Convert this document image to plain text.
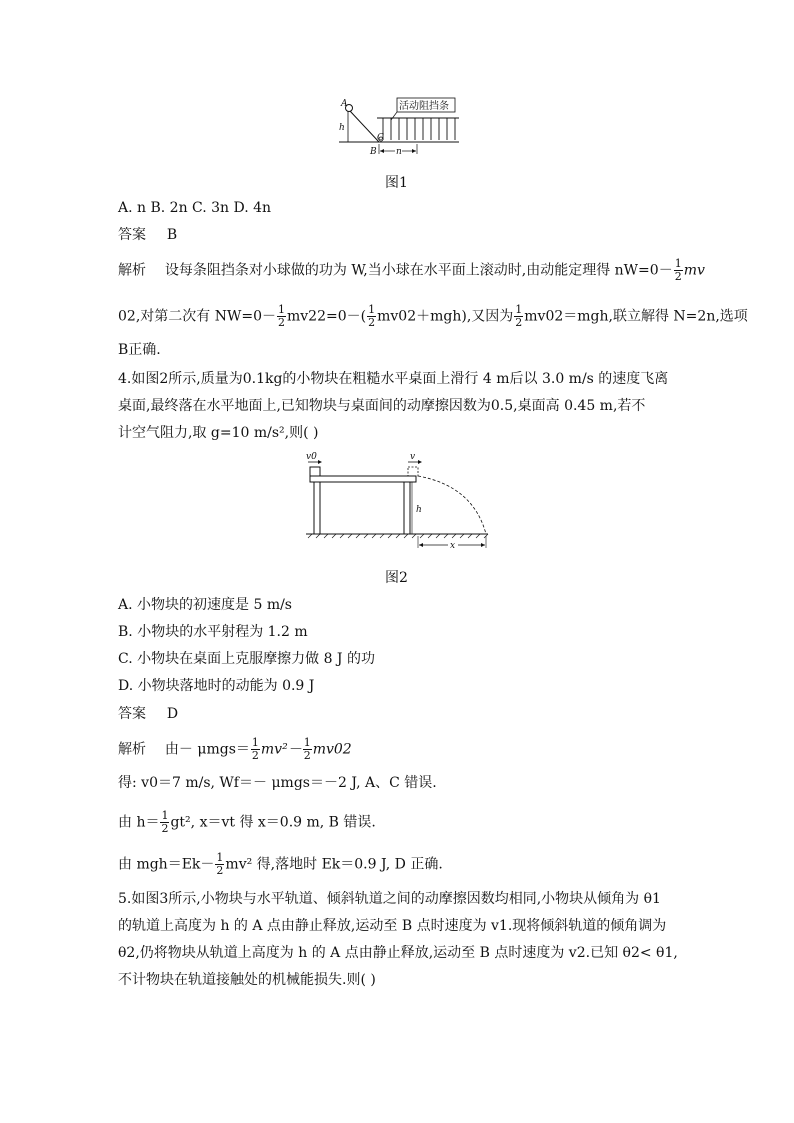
活动阻挡条
n
A
h
C
B
图1
A. n B. 2n C. 3n D. 4n
答案 B
解析 设每条阻挡条对小球做的功为 W,当小球在水平面上滚动时,由动能定理得 $nW=0- \frac{1}{2}$ mv
02,对第二次有 $NW=0- \frac{1}{2} mv22=0-( \frac{1}{2} mv02+mgh)$,又因为 $\frac{1}{2} mv02=mgh$,联立解得 N=2n,选项
B正确.
4.如图2所示,质量为0.1kg的小物块在粗糙水平桌面上滑行 4 m后以 3.0 m/s 的速度飞离
桌面,最终落在水平地面上,已知物块与桌面间的动摩擦因数为0.5,桌面高 0.45 m,若不
计空气阻力,取 g=10 m/s²,则( )
v0	v
h
x
图2
A. 小物块的初速度是 5 m/s
B. 小物块的水平射程为 1.2 m
C. 小物块在桌面上克服摩擦力做 8 J 的功
D. 小物块落地时的动能为 0.9 J
答案 D
解析 由－ $\mu mgs= \frac{1}{2} mv^2- \frac{1}{2} mv02$
得: v0＝7 m/s, Wf＝－ μmgs＝－2 J, A、C 错误.
由 $h= \frac{1}{2} gt^2$, x＝vt 得 x＝0.9 m, B 错误.
由 $mgh=Ek- \frac{1}{2} mv^2$ 得,落地时 Ek＝0.9 J, D 正确.
5.如图3所示,小物块与水平轨道、倾斜轨道之间的动摩擦因数均相同,小物块从倾角为 θ1
的轨道上高度为 h 的 A 点由静止释放,运动至 B 点时速度为 v1.现将倾斜轨道的倾角调为
θ2,仍将物块从轨道上高度为 h 的 A 点由静止释放,运动至 B 点时速度为 v2.已知 θ2< θ1,
不计物块在轨道接触处的机械能损失.则( )
